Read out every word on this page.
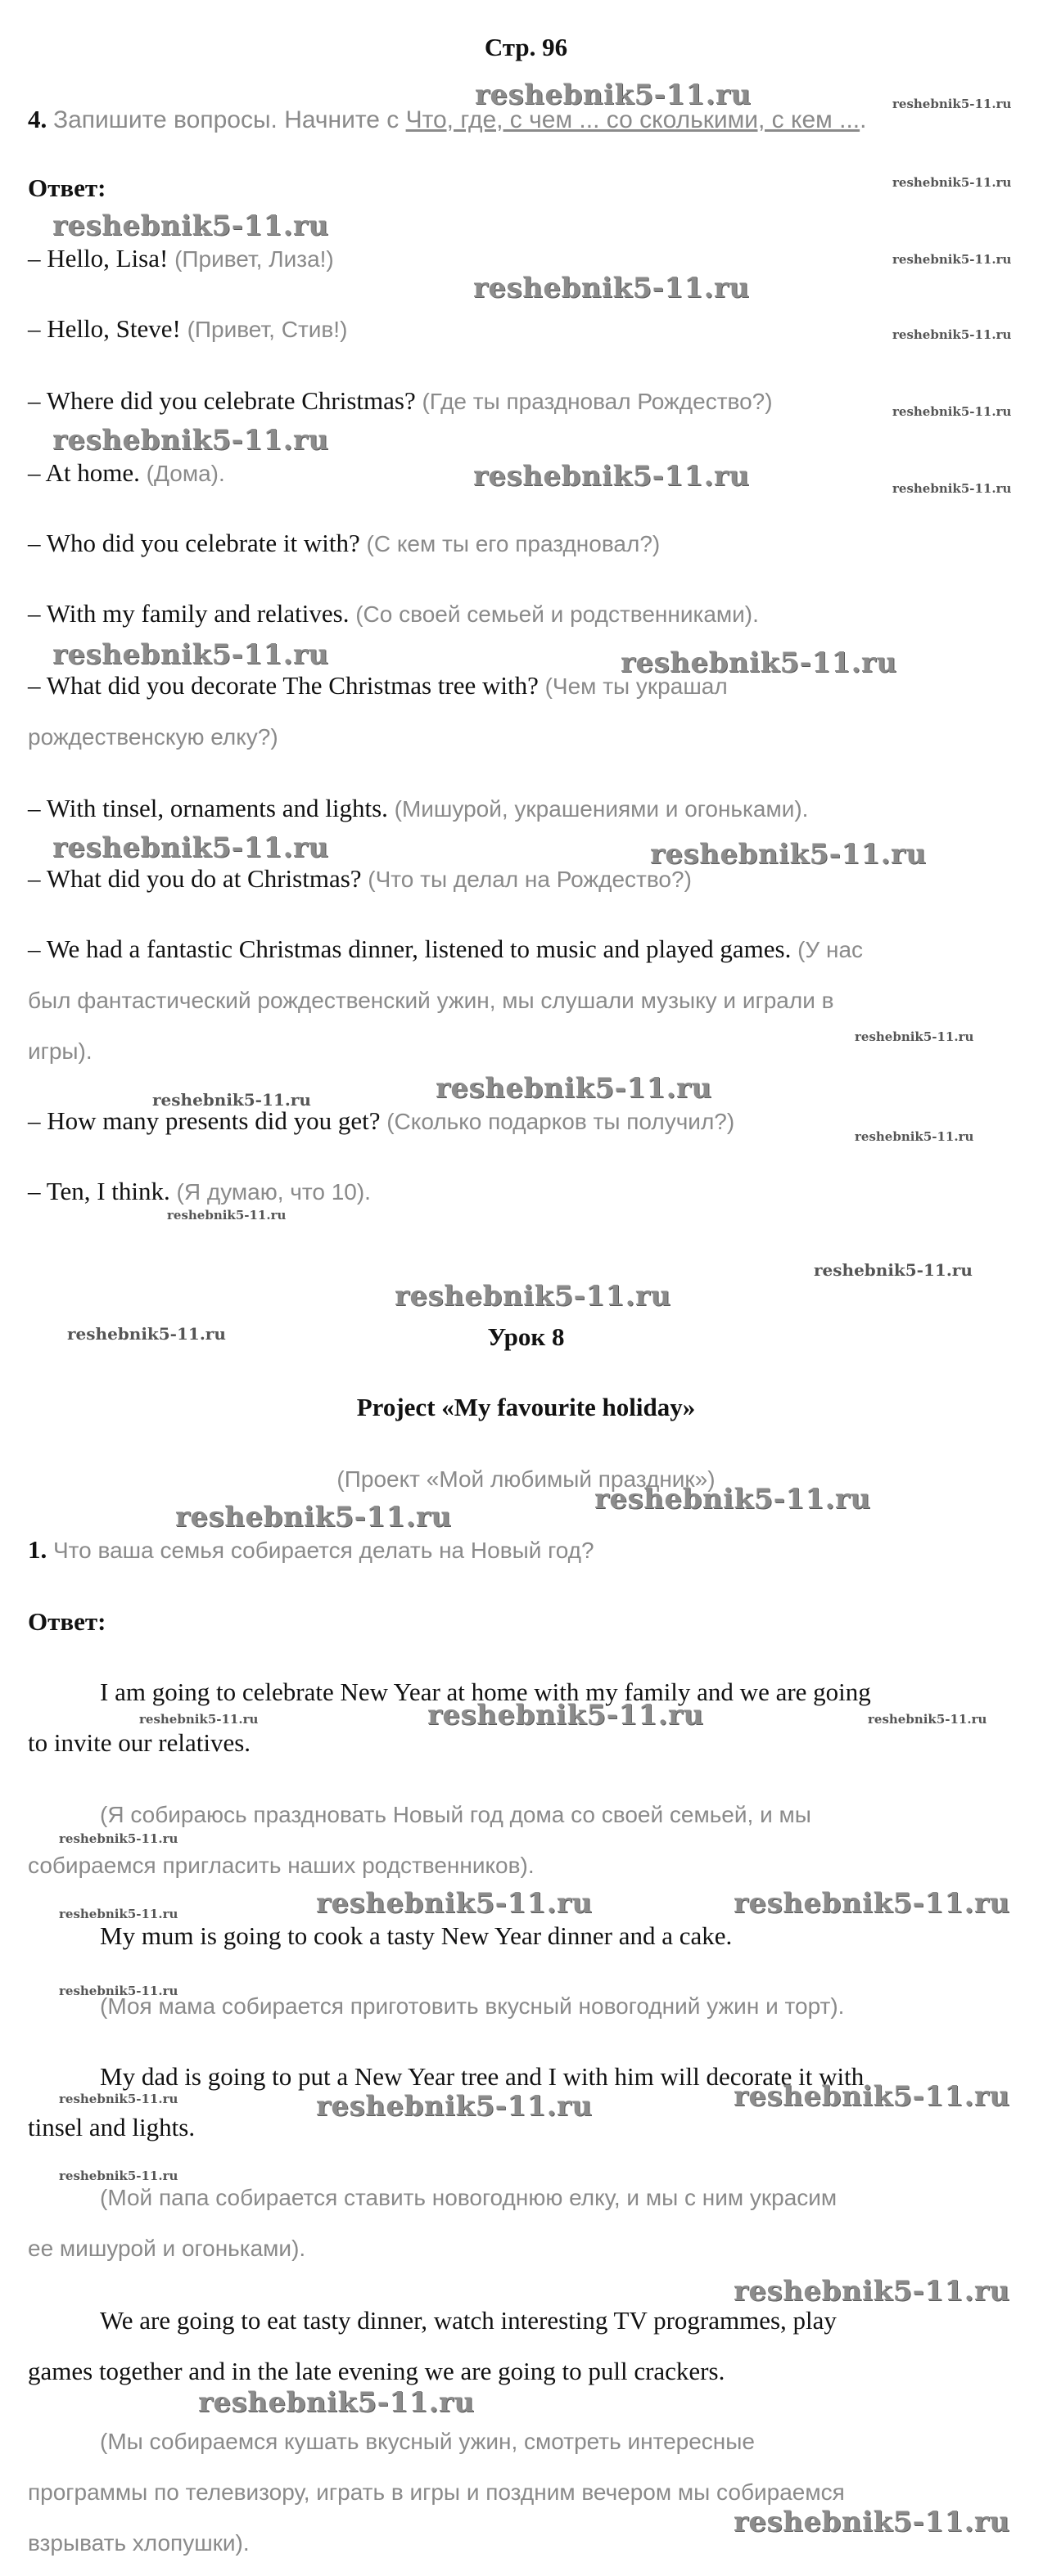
Стр. 96
4. Запишите вопросы. Начните с Что, где, с чем ... со сколькими, с кем ....
Ответ:
– Hello, Lisa! (Привет, Лиза!)
– Hello, Steve! (Привет, Стив!)
– Where did you celebrate Christmas? (Где ты праздновал Рождество?)
– At home. (Дома).
– Who did you celebrate it with? (С кем ты его праздновал?)
– With my family and relatives. (Со своей семьей и родственниками).
– What did you decorate The Christmas tree with? (Чем ты украшал
рождественскую елку?)
– With tinsel, ornaments and lights. (Мишурой, украшениями и огоньками).
– What did you do at Christmas? (Что ты делал на Рождество?)
– We had a fantastic Christmas dinner, listened to music and played games. (У нас
был фантастический рождественский ужин, мы слушали музыку и играли в
игры).
– How many presents did you get? (Сколько подарков ты получил?)
– Ten, I think. (Я думаю, что 10).
Урок 8
Project «My favourite holiday»
(Проект «Мой любимый праздник»)
1. Что ваша семья собирается делать на Новый год?
Ответ:
I am going to celebrate New Year at home with my family and we are going
to invite our relatives.
(Я собираюсь праздновать Новый год дома со своей семьей, и мы
собираемся пригласить наших родственников).
My mum is going to cook a tasty New Year dinner and a cake.
(Моя мама собирается приготовить вкусный новогодний ужин и торт).
My dad is going to put a New Year tree and I with him will decorate it with
tinsel and lights.
(Мой папа собирается ставить новогоднюю елку, и мы с ним украсим
ее мишурой и огоньками).
We are going to eat tasty dinner, watch interesting TV programmes, play
games together and in the late evening we are going to pull crackers.
(Мы собираемся кушать вкусный ужин, смотреть интересные
программы по телевизору, играть в игры и поздним вечером мы собираемся
взрывать хлопушки).
reshebnik5-11.ru
reshebnik5-11.ru
reshebnik5-11.ru
reshebnik5-11.ru
reshebnik5-11.ru
reshebnik5-11.ru	reshebnik5-11.ru
reshebnik5-11.ru	reshebnik5-11.ru
reshebnik5-11.ru
reshebnik5-11.ru
reshebnik5-11.ru
reshebnik5-11.ru
reshebnik5-11.ru
reshebnik5-11.ru	reshebnik5-11.ru
reshebnik5-11.ru	reshebnik5-11.ru
reshebnik5-11.ru
reshebnik5-11.ru
reshebnik5-11.ru
reshebnik5-11.ru
reshebnik5-11.ru
reshebnik5-11.ru
reshebnik5-11.ru
reshebnik5-11.ru
reshebnik5-11.ru
reshebnik5-11.ru
reshebnik5-11.ru
reshebnik5-11.ru
reshebnik5-11.ru
reshebnik5-11.ru
reshebnik5-11.ru
reshebnik5-11.ru	reshebnik5-11.ru
reshebnik5-11.ru
reshebnik5-11.ru
reshebnik5-11.ru
reshebnik5-11.ru
reshebnik5-11.ru
